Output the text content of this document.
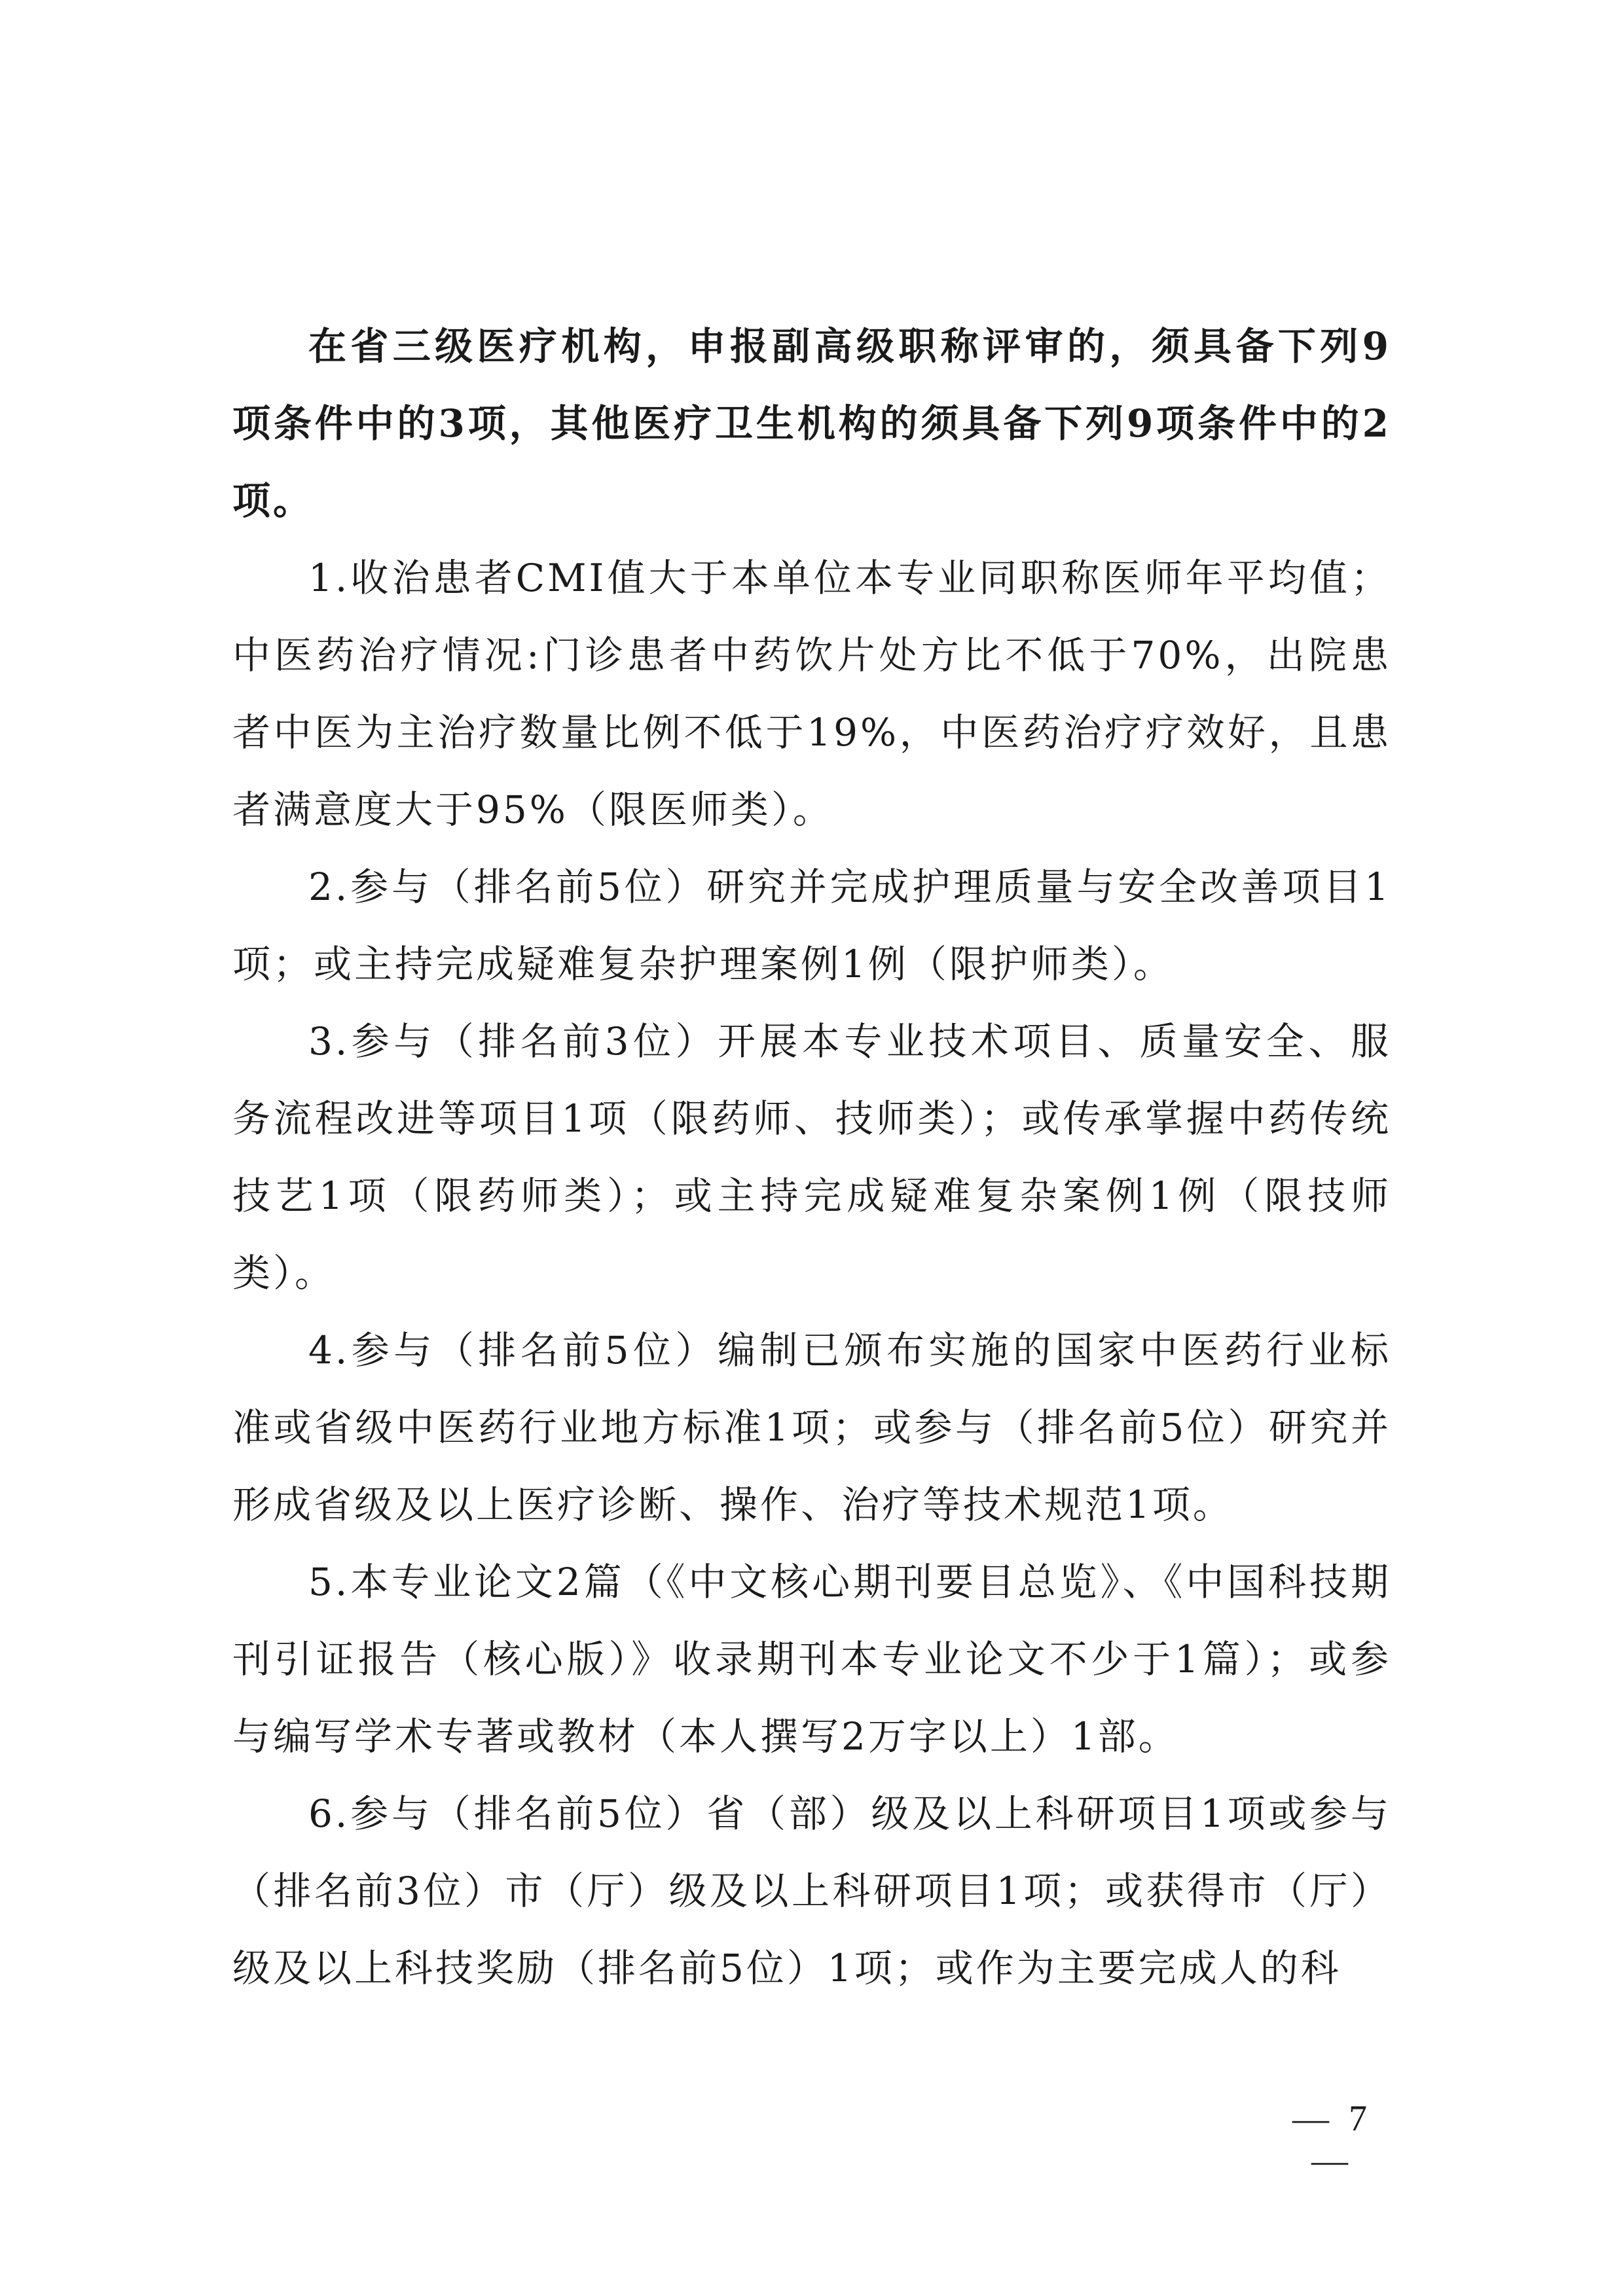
在省三级医疗机构，申报副高级职称评审的，须具备下列9项条件中的3项，其他医疗卫生机构的须具备下列9项条件中的2项。

1.收治患者CMI值大于本单位本专业同职称医师年平均值；中医药治疗情况:门诊患者中药饮片处方比不低于70%，出院患者中医为主治疗数量比例不低于19%，中医药治疗疗效好，且患者满意度大于95%（限医师类）。

2.参与（排名前5位）研究并完成护理质量与安全改善项目1项；或主持完成疑难复杂护理案例1例（限护师类）。

3.参与（排名前3位）开展本专业技术项目、质量安全、服务流程改进等项目1项（限药师、技师类）；或传承掌握中药传统技艺1项（限药师类）；或主持完成疑难复杂案例1例（限技师类）。

4.参与（排名前5位）编制已颁布实施的国家中医药行业标准或省级中医药行业地方标准1项；或参与（排名前5位）研究并形成省级及以上医疗诊断、操作、治疗等技术规范1项。

5.本专业论文2篇（《中文核心期刊要目总览》、《中国科技期刊引证报告（核心版）》收录期刊本专业论文不少于1篇）；或参与编写学术专著或教材（本人撰写2万字以上）1部。

6.参与（排名前5位）省（部）级及以上科研项目1项或参与（排名前3位）市（厅）级及以上科研项目1项；或获得市（厅）级及以上科技奖励（排名前5位）1项；或作为主要完成人的科

— 7 —
